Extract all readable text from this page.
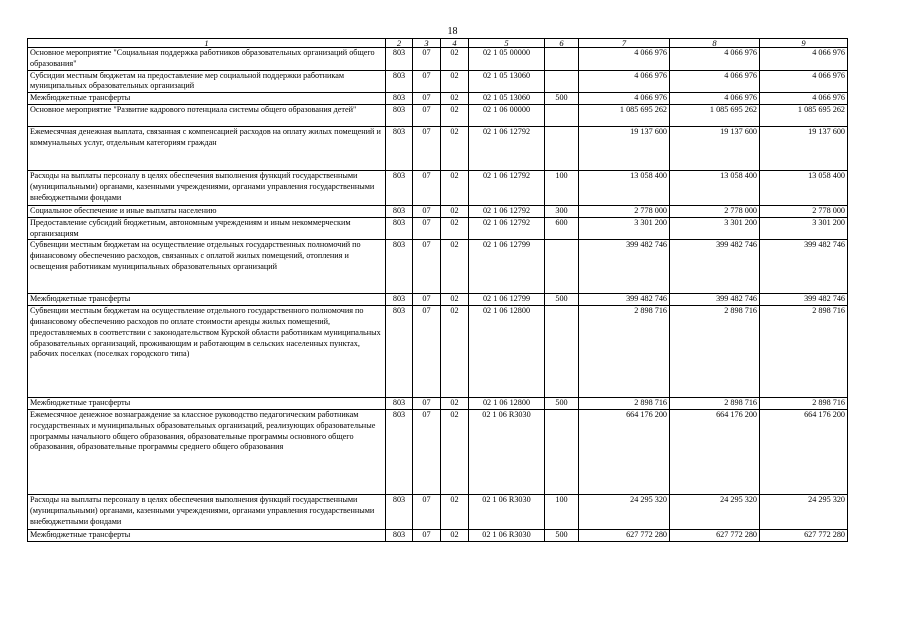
18
1	2	3	4	5	6	7	8	9
Основное мероприятие "Социальная поддержка работников образовательных организаций общего образования"	803	07	02	02 1 05 00000		4 066 976	4 066 976	4 066 976
Субсидии местным бюджетам на предоставление мер социальной поддержки работникам муниципальных образовательных организаций	803	07	02	02 1 05 13060		4 066 976	4 066 976	4 066 976
Межбюджетные трансферты	803	07	02	02 1 05 13060	500	4 066 976	4 066 976	4 066 976
Основное мероприятие "Развитие кадрового потенциала системы общего образования детей"	803	07	02	02 1 06 00000		1 085 695 262	1 085 695 262	1 085 695 262
Ежемесячная денежная выплата, связанная с компенсацией расходов на оплату жилых помещений и коммунальных услуг, отдельным категориям граждан	803	07	02	02 1 06 12792		19 137 600	19 137 600	19 137 600
Расходы на выплаты персоналу в целях обеспечения выполнения функций государственными (муниципальными) органами, казенными учреждениями, органами управления государственными внебюджетными фондами	803	07	02	02 1 06 12792	100	13 058 400	13 058 400	13 058 400
Социальное обеспечение и иные выплаты населению	803	07	02	02 1 06 12792	300	2 778 000	2 778 000	2 778 000
Предоставление субсидий бюджетным, автономным учреждениям и иным некоммерческим организациям	803	07	02	02 1 06 12792	600	3 301 200	3 301 200	3 301 200
Субвенции местным бюджетам на осуществление отдельных государственных полномочий по финансовому обеспечению расходов, связанных с оплатой жилых помещений, отопления и освещения работникам муниципальных образовательных организаций	803	07	02	02 1 06 12799		399 482 746	399 482 746	399 482 746
Межбюджетные трансферты	803	07	02	02 1 06 12799	500	399 482 746	399 482 746	399 482 746
Субвенции местным бюджетам на осуществление отдельного государственного полномочия по финансовому обеспечению расходов по оплате стоимости аренды жилых помещений, предоставляемых в соответствии с законодательством Курской области работникам муниципальных образовательных организаций, проживающим и работающим в сельских населенных пунктах, рабочих поселках (поселках городского типа)	803	07	02	02 1 06 12800		2 898 716	2 898 716	2 898 716
Межбюджетные трансферты	803	07	02	02 1 06 12800	500	2 898 716	2 898 716	2 898 716
Ежемесячное денежное вознаграждение за классное руководство педагогическим работникам государственных и муниципальных образовательных организаций, реализующих образовательные программы начального общего образования, образовательные программы основного общего образования, образовательные программы среднего общего образования	803	07	02	02 1 06 R3030		664 176 200	664 176 200	664 176 200
Расходы на выплаты персоналу в целях обеспечения выполнения функций государственными (муниципальными) органами, казенными учреждениями, органами управления государственными внебюджетными фондами	803	07	02	02 1 06 R3030	100	24 295 320	24 295 320	24 295 320
Межбюджетные трансферты	803	07	02	02 1 06 R3030	500	627 772 280	627 772 280	627 772 280
